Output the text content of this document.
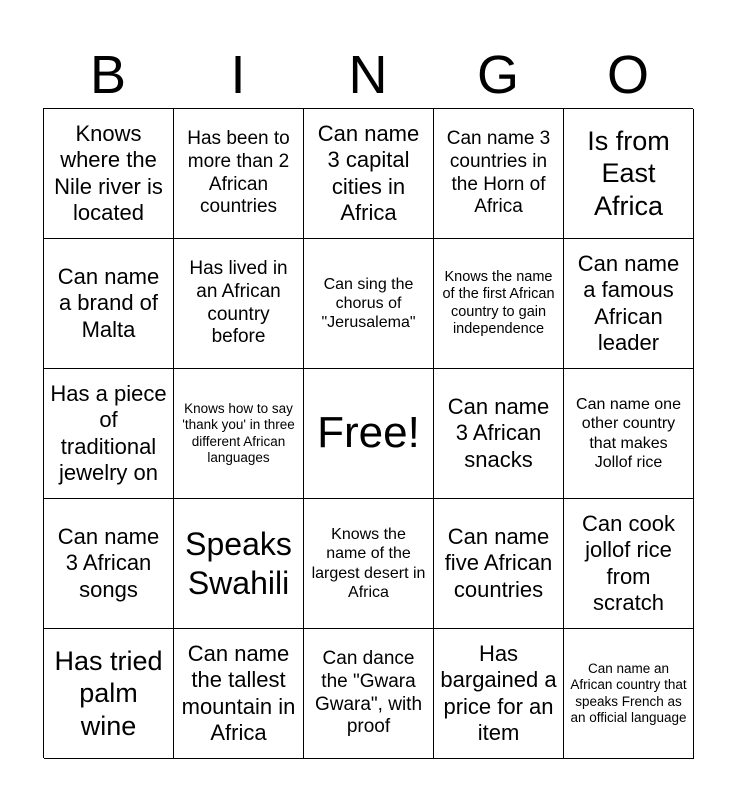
B	I	N	G	O
Knows where the Nile river is located
Has been to more than 2 African countries
Can name 3 capital cities in Africa
Can name 3 countries in the Horn of Africa
Is from East Africa
Can name a brand of Malta
Has lived in an African country before
Can sing the chorus of "Jerusalema"
Knows the name of the first African country to gain independence
Can name a famous African leader
Has a piece of traditional jewelry on
Knows how to say 'thank you' in three different African languages
Free!
Can name 3 African snacks
Can name one other country that makes Jollof rice
Can name 3 African songs
Speaks Swahili
Knows the name of the largest desert in Africa
Can name five African countries
Can cook jollof rice from scratch
Has tried palm wine
Can name the tallest mountain in Africa
Can dance the "Gwara Gwara", with proof
Has bargained a price for an item
Can name an African country that speaks French as an official language
